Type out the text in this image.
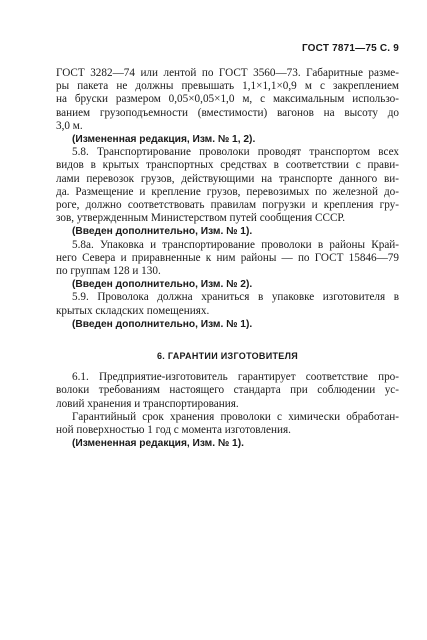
ГОСТ 7871—75 С. 9
ГОСТ 3282—74 или лентой по ГОСТ 3560—73. Габаритные разме-
ры пакета не должны превышать 1,1×1,1×0,9 м с закреплением
на бруски размером 0,05×0,05×1,0 м, с максимальным использо-
ванием грузоподъемности (вместимости) вагонов на высоту до
3,0 м.
(Измененная редакция, Изм. № 1, 2).
5.8. Транспортирование проволоки проводят транспортом всех
видов в крытых транспортных средствах в соответствии с прави-
лами перевозок грузов, действующими на транспорте данного ви-
да. Размещение и крепление грузов, перевозимых по железной до-
роге, должно соответствовать правилам погрузки и крепления гру-
зов, утвержденным Министерством путей сообщения СССР.
(Введен дополнительно, Изм. № 1).
5.8а. Упаковка и транспортирование проволоки в районы Край-
него Севера и приравненные к ним районы — по ГОСТ 15846—79
по группам 128 и 130.
(Введен дополнительно, Изм. № 2).
5.9. Проволока должна храниться в упаковке изготовителя в
крытых складских помещениях.
(Введен дополнительно, Изм. № 1).
6. ГАРАНТИИ ИЗГОТОВИТЕЛЯ
6.1. Предприятие-изготовитель гарантирует соответствие про-
волоки требованиям настоящего стандарта при соблюдении ус-
ловий хранения и транспортирования.
Гарантийный срок хранения проволоки с химически обработан-
ной поверхностью 1 год с момента изготовления.
(Измененная редакция, Изм. № 1).
